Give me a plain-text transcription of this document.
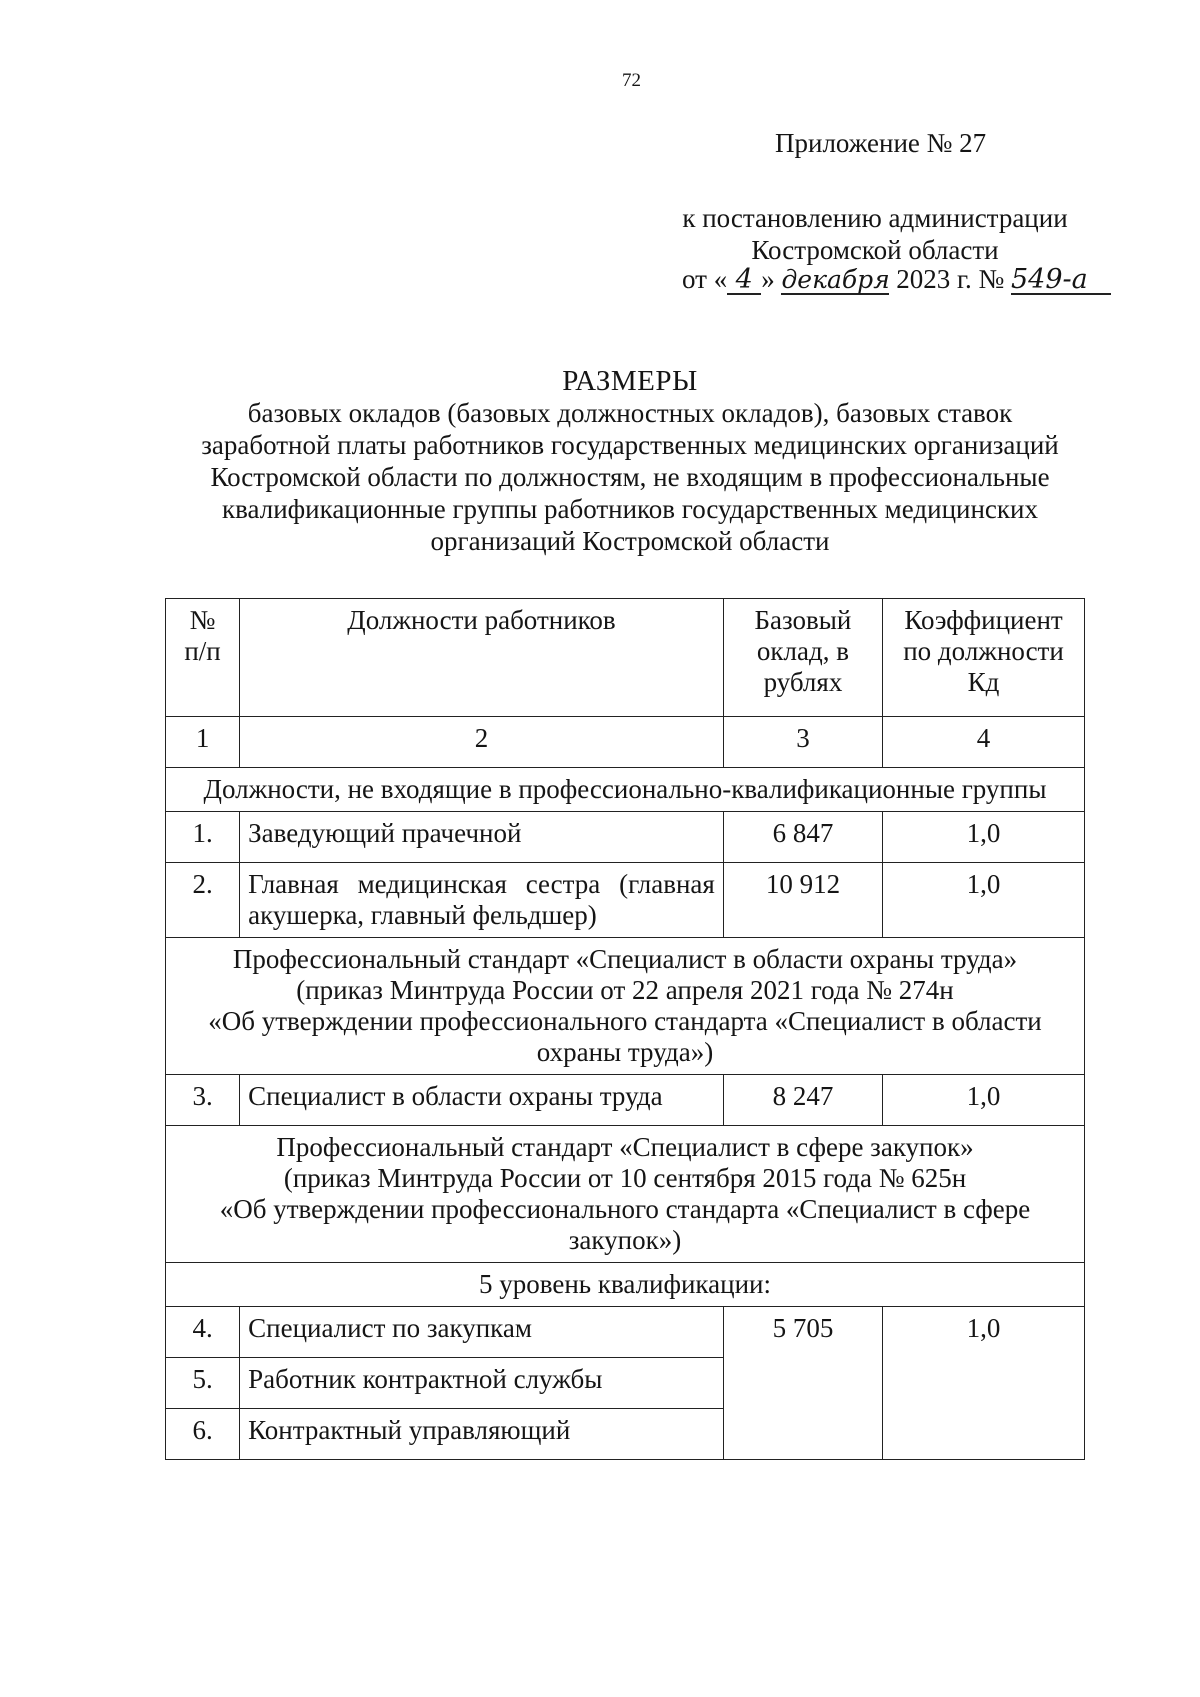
72
Приложение № 27
к постановлению администрации
Костромской области
от « 4 » декабря 2023 г. № 549-а
РАЗМЕРЫ
базовых окладов (базовых должностных окладов), базовых ставок
заработной платы работников государственных медицинских организаций
Костромской области по должностям, не входящим в профессиональные
квалификационные группы работников государственных медицинских
организаций Костромской области
№
п/п	Должности работников	Базовый оклад, в рублях	Коэффициент по должности Кд
1	2	3	4
Должности, не входящие в профессионально-квалификационные группы			
1.	Заведующий прачечной	6 847	1,0
2.	Главная медицинская сестра (главная акушерка, главный фельдшер)	10 912	1,0

Профессиональный стандарт «Специалист в области охраны труда»
(приказ Минтруда России от 22 апреля 2021 года № 274н
«Об утверждении профессионального стандарта «Специалист в области
охраны труда»)			

3.	Специалист в области охраны труда	8 247	1,0

Профессиональный стандарт «Специалист в сфере закупок»
(приказ Минтруда России от 10 сентября 2015 года № 625н
«Об утверждении профессионального стандарта «Специалист в сфере
закупок»)			

5 уровень квалификации:			
4.	Специалист по закупкам	5 705	1,0
5.	Работник контрактной службы		
6.	Контрактный управляющий		
